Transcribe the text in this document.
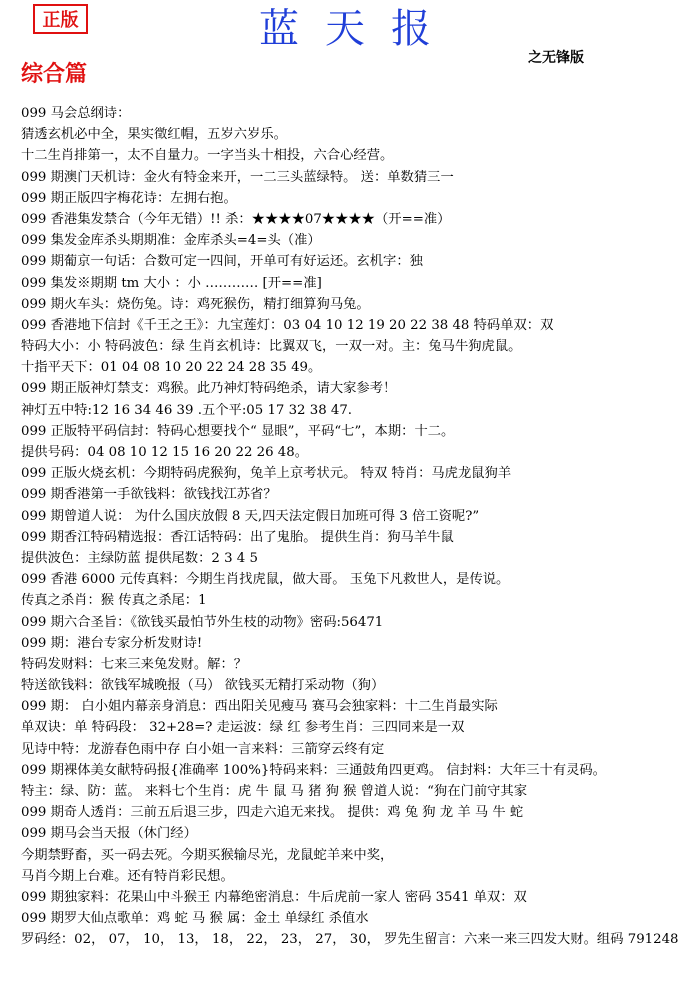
正版	蓝天报
之无锋版
综合篇
099 马会总纲诗：
猜透玄机必中全，果实徵红帽，五岁六岁乐。
十二生肖排第一，太不自量力。一字当头十相投，六合心经营。
099 期澳门天机诗：金火有特金来开，一二三头蓝绿特。 送：单数猜三一
099 期正版四字梅花诗：左拥右抱。
099 香港集发禁合（今年无错）!! 杀：★★★★07★★★★（开==准）
099 集发金库杀头期期准：金库杀头=4=头（准）
099 期葡京一句话：合数可定一四间，开单可有好运还。玄机字：独
099 集发※期期 tm 大小 ：小 ………… [开==准]
099 期火车头：烧伤兔。诗：鸡死猴伤，精打细算狗马兔。
099 香港地下信封《千王之王》：九宝莲灯：03 04 10 12 19 20 22 38 48 特码单双：双
特码大小：小 特码波色：绿 生肖玄机诗：比翼双飞，一双一对。主：兔马牛狗虎鼠。
十指平天下：01 04 08 10 20 22 24 28 35 49。
099 期正版神灯禁支：鸡猴。此乃神灯特码绝杀，请大家参考！
神灯五中特:12 16 34 46 39 .五个平:05 17 32 38 47.
099 正版特平码信封：特码心想要找个“ 显眼”，平码“七”，本期：十二。
提供号码：04 08 10 12 15 16 20 22 26 48。
099 正版火烧玄机：今期特码虎猴狗，兔羊上京考状元。 特双 特肖：马虎龙鼠狗羊
099 期香港第一手欲钱料：欲钱找江苏省？
099 期曾道人说： 为什么国庆放假 8 天,四天法定假日加班可得 3 倍工资呢?”
099 期香江特码精选报：香江话特码：出了鬼胎。 提供生肖：狗马羊牛鼠
提供波色：主绿防蓝 提供尾数：2 3 4 5
099 香港 6000 元传真料：今期生肖找虎鼠，做大哥。 玉兔下凡救世人，是传说。
传真之杀肖：猴 传真之杀尾：1
099 期六合圣旨：《欲钱买最怕节外生枝的动物》密码:56471
099 期：港台专家分析发财诗!
特码发财料：七来三来兔发财。解：？
特送欲钱料：欲钱军城晚报（马） 欲钱买无精打采动物（狗）
099 期： 白小姐内幕亲身消息：西出阳关见瘦马 赛马会独家料：十二生肖最实际
单双诀：单 特码段： 32+28=? 走运波：绿 红 参考生肖：三四同来是一双
见诗中特：龙游春色雨中存 白小姐一言来料：三箭穿云终有定
099 期裸体美女献特码报{准确率 100%}特码来料：三通鼓角四更鸡。 信封料：大年三十有灵码。
特主：绿、防：蓝。 来料七个生肖：虎 牛 鼠 马 猪 狗 猴 曾道人说：“狗在门前守其家
099 期奇人透肖：三前五后退三步，四走六追无来找。 提供：鸡 兔 狗 龙 羊 马 牛 蛇
099 期马会当天报（休门经）
今期禁野畜，买一码去死。今期买猴输尽光，龙鼠蛇羊来中奖，
马肖今期上台难。还有特肖彩民想。
099 期独家料：花果山中斗猴王 内幕绝密消息：牛后虎前一家人 密码 3541 单双：双
099 期罗大仙点歌单：鸡 蛇 马 猴 属：金土 单绿红 杀值水
罗码经：02， 07， 10， 13， 18， 22， 23， 27， 30， 罗先生留言：六来一来三四发大财。组码 791248
